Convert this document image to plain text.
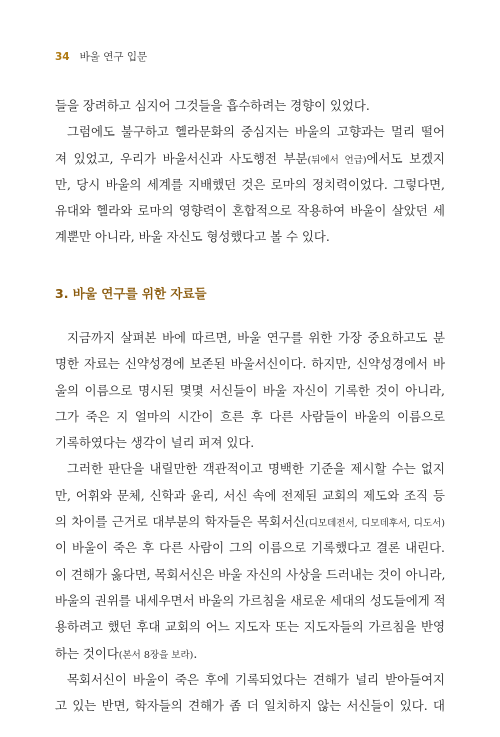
34 바울 연구 입문
들을 장려하고 심지어 그것들을 흡수하려는 경향이 있었다.
그럼에도 불구하고 헬라문화의 중심지는 바울의 고향과는 멀리 떨어
져 있었고, 우리가 바울서신과 사도행전 부분(뒤에서 언급)에서도 보겠지
만, 당시 바울의 세계를 지배했던 것은 로마의 정치력이었다. 그렇다면,
유대와 헬라와 로마의 영향력이 혼합적으로 작용하여 바울이 살았던 세
계뿐만 아니라, 바울 자신도 형성했다고 볼 수 있다.
3. 바울 연구를 위한 자료들
지금까지 살펴본 바에 따르면, 바울 연구를 위한 가장 중요하고도 분
명한 자료는 신약성경에 보존된 바울서신이다. 하지만, 신약성경에서 바
울의 이름으로 명시된 몇몇 서신들이 바울 자신이 기록한 것이 아니라,
그가 죽은 지 얼마의 시간이 흐른 후 다른 사람들이 바울의 이름으로
기록하였다는 생각이 널리 퍼져 있다.
그러한 판단을 내릴만한 객관적이고 명백한 기준을 제시할 수는 없지
만, 어휘와 문체, 신학과 윤리, 서신 속에 전제된 교회의 제도와 조직 등
의 차이를 근거로 대부분의 학자들은 목회서신(디모데전서, 디모데후서, 디도서)
이 바울이 죽은 후 다른 사람이 그의 이름으로 기록했다고 결론 내린다.
이 견해가 옳다면, 목회서신은 바울 자신의 사상을 드러내는 것이 아니라,
바울의 권위를 내세우면서 바울의 가르침을 새로운 세대의 성도들에게 적
용하려고 했던 후대 교회의 어느 지도자 또는 지도자들의 가르침을 반영
하는 것이다(본서 8장을 보라).
목회서신이 바울이 죽은 후에 기록되었다는 견해가 널리 받아들여지
고 있는 반면, 학자들의 견해가 좀 더 일치하지 않는 서신들이 있다. 대
